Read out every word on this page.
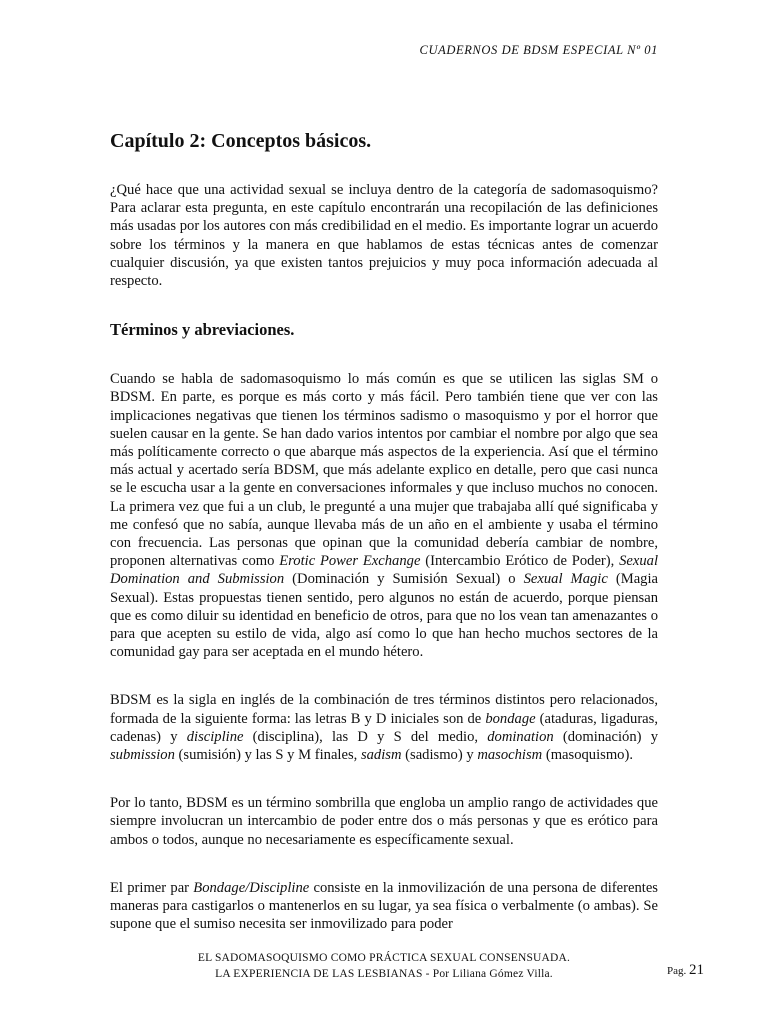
CUADERNOS DE BDSM ESPECIAL Nº 01
Capítulo 2: Conceptos básicos.

¿Qué hace que una actividad sexual se incluya dentro de la categoría de sadomasoquismo? Para aclarar esta pregunta, en este capítulo encontrarán una recopilación de las definiciones más usadas por los autores con más credibilidad en el medio. Es importante lograr un acuerdo sobre los términos y la manera en que hablamos de estas técnicas antes de comenzar cualquier discusión, ya que existen tantos prejuicios y muy poca información adecuada al respecto.

Términos y abreviaciones.

Cuando se habla de sadomasoquismo lo más común es que se utilicen las siglas SM o BDSM. En parte, es porque es más corto y más fácil. Pero también tiene que ver con las implicaciones negativas que tienen los términos sadismo o masoquismo y por el horror que suelen causar en la gente. Se han dado varios intentos por cambiar el nombre por algo que sea más políticamente correcto o que abarque más aspectos de la experiencia. Así que el término más actual y acertado sería BDSM, que más adelante explico en detalle, pero que casi nunca se le escucha usar a la gente en conversaciones informales y que incluso muchos no conocen. La primera vez que fui a un club, le pregunté a una mujer que trabajaba allí qué significaba y me confesó que no sabía, aunque llevaba más de un año en el ambiente y usaba el término con frecuencia. Las personas que opinan que la comunidad debería cambiar de nombre, proponen alternativas como Erotic Power Exchange (Intercambio Erótico de Poder), Sexual Domination and Submission (Dominación y Sumisión Sexual) o Sexual Magic (Magia Sexual). Estas propuestas tienen sentido, pero algunos no están de acuerdo, porque piensan que es como diluir su identidad en beneficio de otros, para que no los vean tan amenazantes o para que acepten su estilo de vida, algo así como lo que han hecho muchos sectores de la comunidad gay para ser aceptada en el mundo hétero.

BDSM es la sigla en inglés de la combinación de tres términos distintos pero relacionados, formada de la siguiente forma: las letras B y D iniciales son de bondage (ataduras, ligaduras, cadenas) y discipline (disciplina), las D y S del medio, domination (dominación) y submission (sumisión) y las S y M finales, sadism (sadismo) y masochism (masoquismo).

Por lo tanto, BDSM es un término sombrilla que engloba un amplio rango de actividades que siempre involucran un intercambio de poder entre dos o más personas y que es erótico para ambos o todos, aunque no necesariamente es específicamente sexual.

El primer par Bondage/Discipline consiste en la inmovilización de una persona de diferentes maneras para castigarlos o mantenerlos en su lugar, ya sea física o verbalmente (o ambas). Se supone que el sumiso necesita ser inmovilizado para poder

EL SADOMASOQUISMO COMO PRÁCTICA SEXUAL CONSENSUADA.
LA EXPERIENCIA DE LAS LESBIANAS - Por Liliana Gómez Villa.	Pag. 21
